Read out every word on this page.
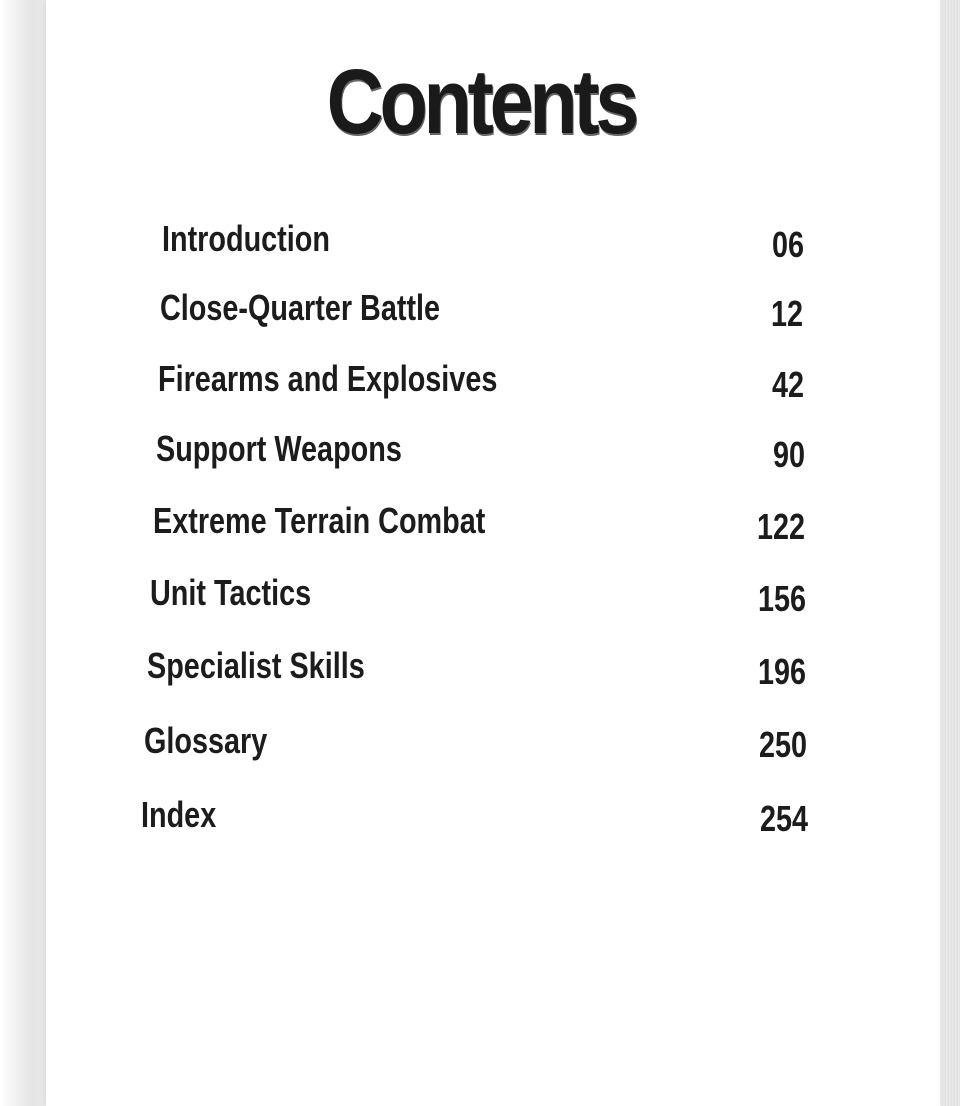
Contents
Introduction	06
Close-Quarter Battle	12
Firearms and Explosives	42
Support Weapons	90
Extreme Terrain Combat	122
Unit Tactics	156
Specialist Skills	196
Glossary	250
Index	254
